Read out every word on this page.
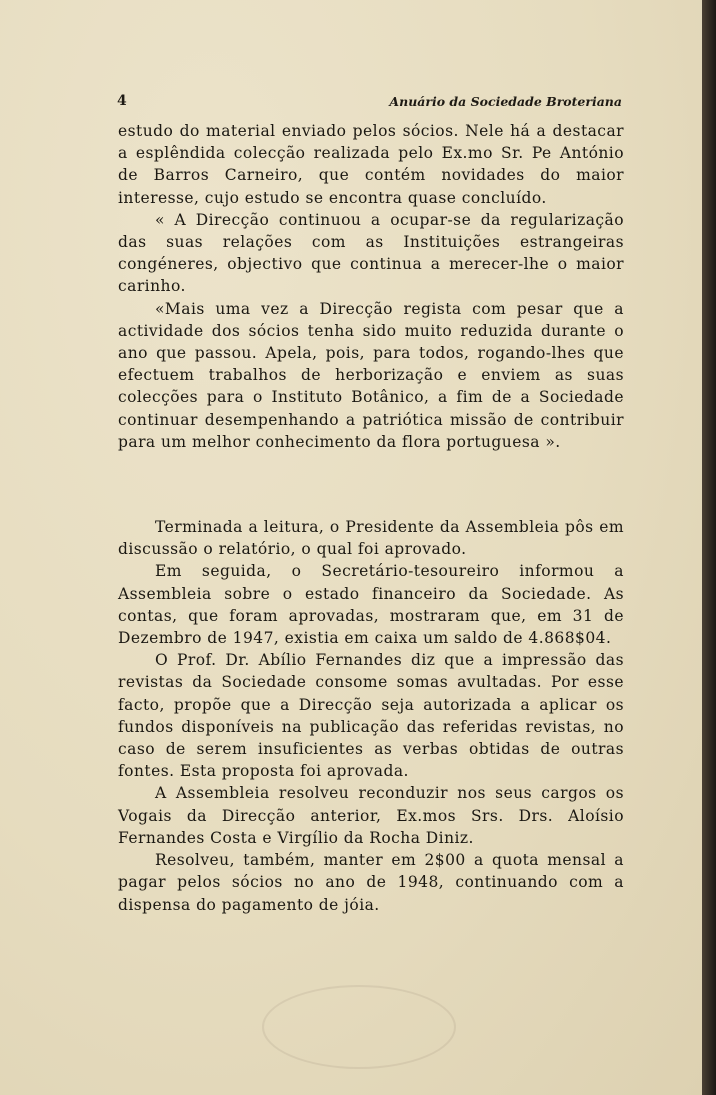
4	Anuário da Sociedade Broteriana

estudo do material enviado pelos sócios. Nele há a destacar a esplêndida colecção realizada pelo Ex.mo Sr. Pe António de Barros Carneiro, que contém novidades do maior interesse, cujo estudo se encontra quase concluído.

« A Direcção continuou a ocupar-se da regularização das suas relações com as Instituições estrangeiras congéneres, objectivo que continua a merecer-lhe o maior carinho.

«Mais uma vez a Direcção regista com pesar que a actividade dos sócios tenha sido muito reduzida durante o ano que passou. Apela, pois, para todos, rogando-lhes que efectuem trabalhos de herborização e enviem as suas colecções para o Instituto Botânico, a fim de a Sociedade continuar desempenhando a patriótica missão de contribuir para um melhor conhecimento da flora portuguesa ».

Terminada a leitura, o Presidente da Assembleia pôs em discussão o relatório, o qual foi aprovado.

Em seguida, o Secretário-tesoureiro informou a Assembleia sobre o estado financeiro da Sociedade. As contas, que foram aprovadas, mostraram que, em 31 de Dezembro de 1947, existia em caixa um saldo de 4.868$04.

O Prof. Dr. Abílio Fernandes diz que a impressão das revistas da Sociedade consome somas avultadas. Por esse facto, propõe que a Direcção seja autorizada a aplicar os fundos disponíveis na publicação das referidas revistas, no caso de serem insuficientes as verbas obtidas de outras fontes. Esta proposta foi aprovada.

A Assembleia resolveu reconduzir nos seus cargos os Vogais da Direcção anterior, Ex.mos Srs. Drs. Aloísio Fernandes Costa e Virgílio da Rocha Diniz.

Resolveu, também, manter em 2$00 a quota mensal a pagar pelos sócios no ano de 1948, continuando com a dispensa do pagamento de jóia.
